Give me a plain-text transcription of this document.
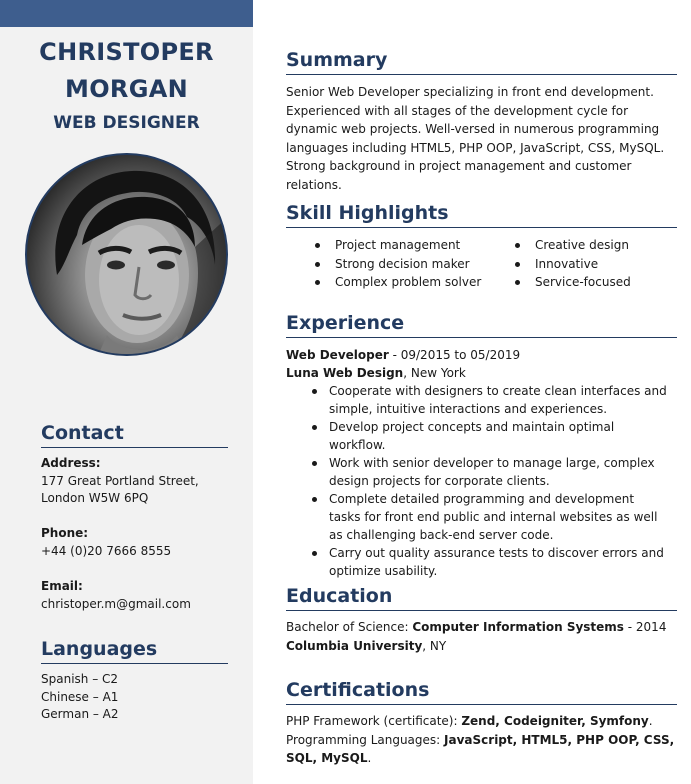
CHRISTOPER
MORGAN
WEB DESIGNER
Contact
Address:
177 Great Portland Street,
London W5W 6PQ
Phone:
+44 (0)20 7666 8555
Email:
christoper.m@gmail.com
Languages
Spanish – C2
Chinese – A1
German – A2
Summary
Senior Web Developer specializing in front end development. Experienced with all stages of the development cycle for dynamic web projects. Well-versed in numerous programming languages including HTML5, PHP OOP, JavaScript, CSS, MySQL. Strong background in project management and customer relations.
Skill Highlights
Project management
Strong decision maker
Complex problem solver
Creative design
Innovative
Service-focused
Experience
Web Developer - 09/2015 to 05/2019
Luna Web Design, New York
Cooperate with designers to create clean interfaces and simple, intuitive interactions and experiences.
Develop project concepts and maintain optimal workflow.
Work with senior developer to manage large, complex design projects for corporate clients.
Complete detailed programming and development tasks for front end public and internal websites as well as challenging back-end server code.
Carry out quality assurance tests to discover errors and optimize usability.
Education
Bachelor of Science: Computer Information Systems - 2014
Columbia University, NY
Certifications
PHP Framework (certificate): Zend, Codeigniter, Symfony.
Programming Languages: JavaScript, HTML5, PHP OOP, CSS, SQL, MySQL.
